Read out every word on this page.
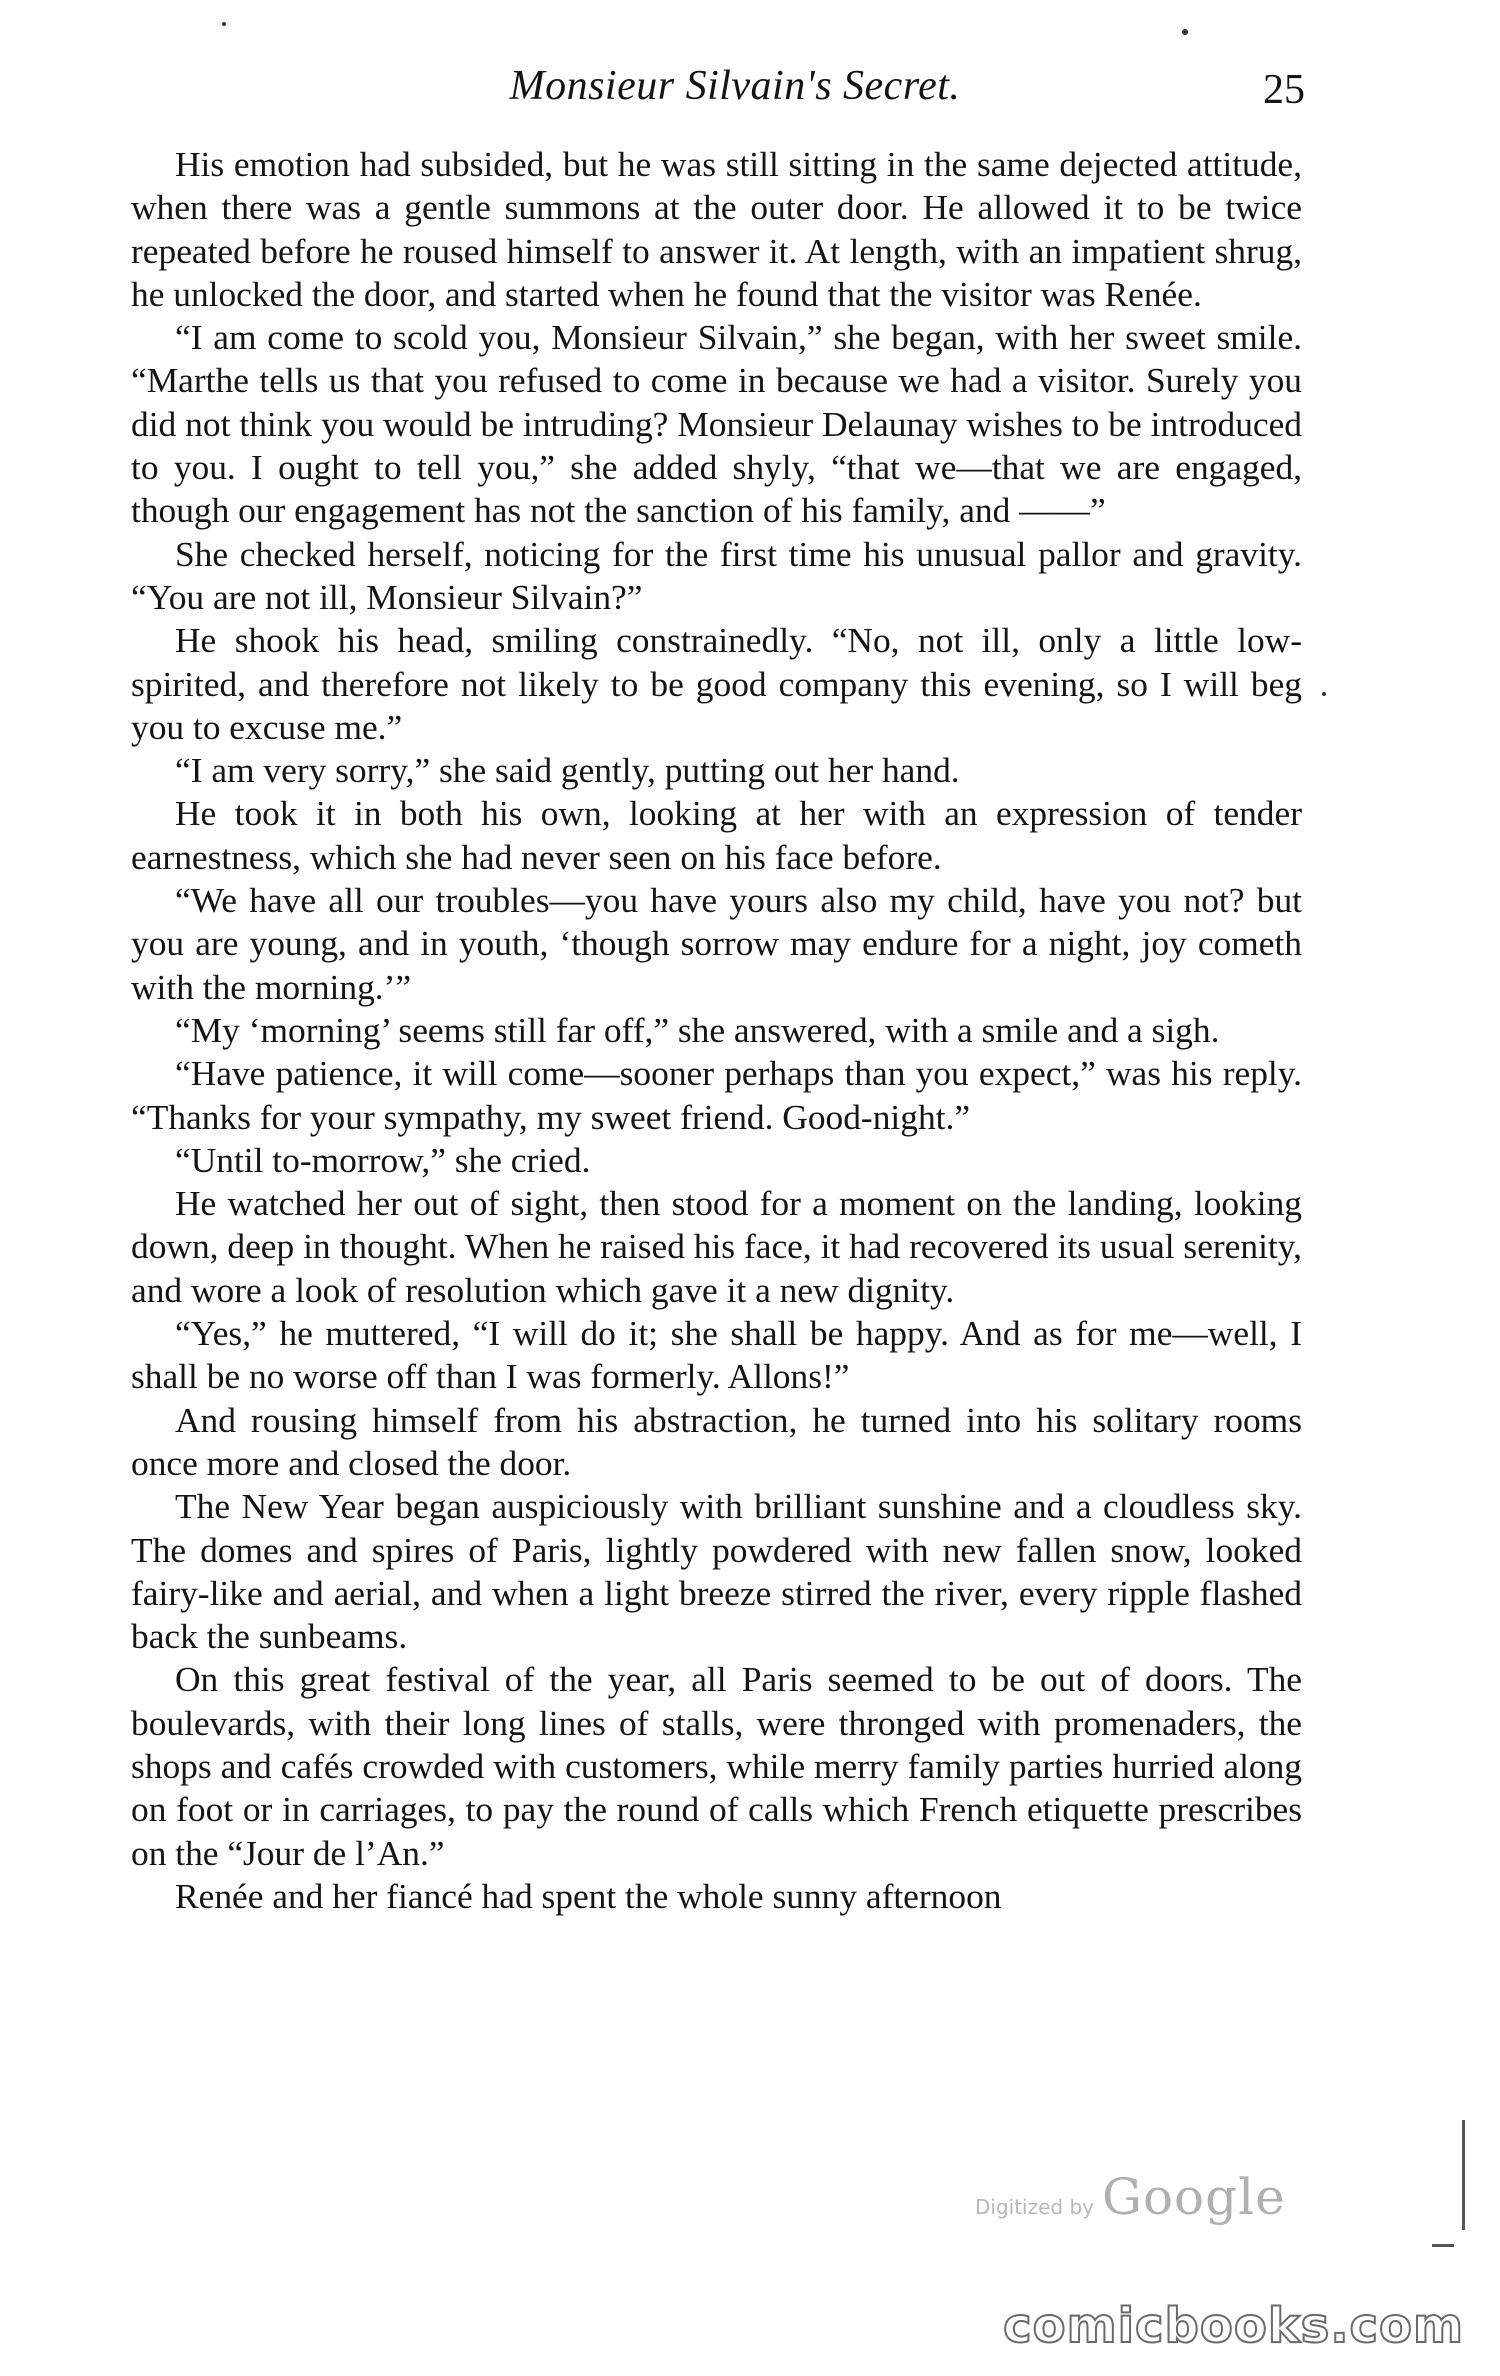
Monsieur Silvain's Secret.	25

His emotion had subsided, but he was still sitting in the same dejected attitude, when there was a gentle summons at the outer door. He allowed it to be twice repeated before he roused himself to answer it. At length, with an impatient shrug, he unlocked the door, and started when he found that the visitor was Renée.

“I am come to scold you, Monsieur Silvain,” she began, with her sweet smile. “Marthe tells us that you refused to come in because we had a visitor. Surely you did not think you would be intruding? Monsieur Delaunay wishes to be introduced to you. I ought to tell you,” she added shyly, “that we—that we are engaged, though our engagement has not the sanction of his family, and ——”

She checked herself, noticing for the first time his unusual pallor and gravity. “You are not ill, Monsieur Silvain?”

He shook his head, smiling constrainedly. “No, not ill, only a little low-spirited, and therefore not likely to be good company this evening, so I will beg you to excuse me.”

“I am very sorry,” she said gently, putting out her hand.

He took it in both his own, looking at her with an expression of tender earnestness, which she had never seen on his face before.

“We have all our troubles—you have yours also my child, have you not? but you are young, and in youth, ‘though sorrow may endure for a night, joy cometh with the morning.’”

“My ‘morning’ seems still far off,” she answered, with a smile and a sigh.

“Have patience, it will come—sooner perhaps than you expect,” was his reply. “Thanks for your sympathy, my sweet friend. Good-night.”

“Until to-morrow,” she cried.

He watched her out of sight, then stood for a moment on the landing, looking down, deep in thought. When he raised his face, it had recovered its usual serenity, and wore a look of resolution which gave it a new dignity.

“Yes,” he muttered, “I will do it; she shall be happy. And as for me—well, I shall be no worse off than I was formerly. Allons!”

And rousing himself from his abstraction, he turned into his solitary rooms once more and closed the door.

The New Year began auspiciously with brilliant sunshine and a cloudless sky. The domes and spires of Paris, lightly powdered with new fallen snow, looked fairy-like and aerial, and when a light breeze stirred the river, every ripple flashed back the sunbeams.

On this great festival of the year, all Paris seemed to be out of doors. The boulevards, with their long lines of stalls, were thronged with promenaders, the shops and cafés crowded with customers, while merry family parties hurried along on foot or in carriages, to pay the round of calls which French etiquette prescribes on the “Jour de l’An.”

Renée and her fiancé had spent the whole sunny afternoon

Digitized by Google
comicbooks.com
